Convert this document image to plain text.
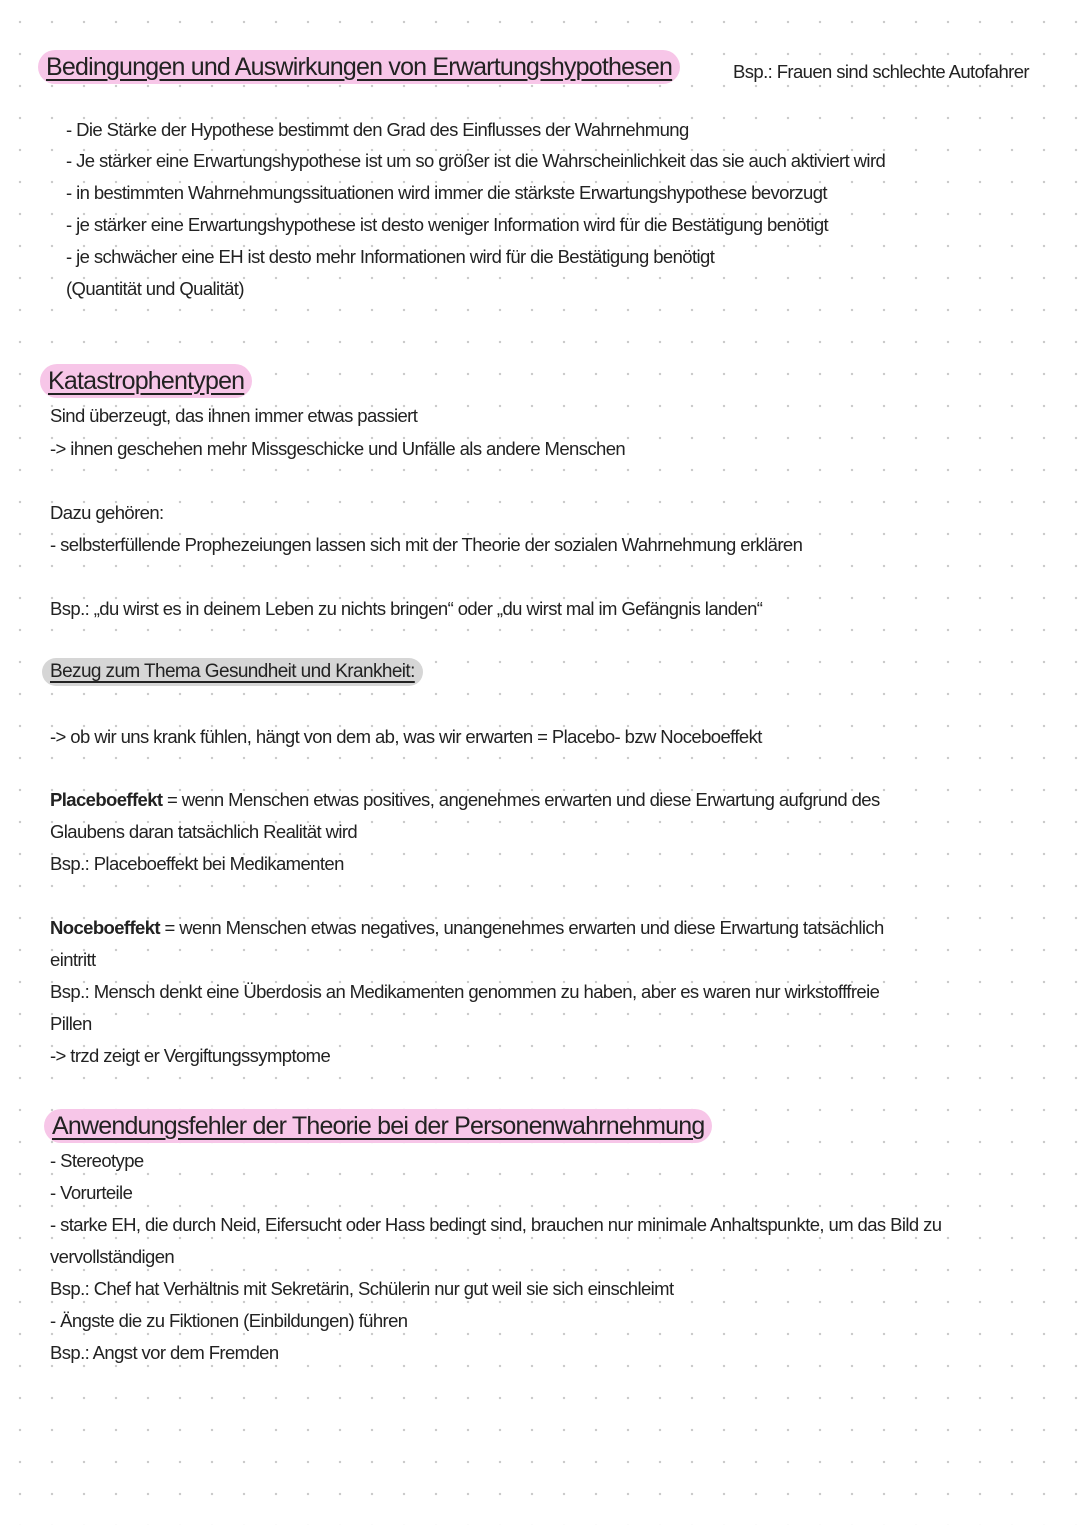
Bedingungen und Auswirkungen von Erwartungshypothesen	Bsp.: Frauen sind schlechte Autofahrer
- Die Stärke der Hypothese bestimmt den Grad des Einflusses der Wahrnehmung
- Je stärker eine Erwartungshypothese ist um so größer ist die Wahrscheinlichkeit das sie auch aktiviert wird
- in bestimmten Wahrnehmungssituationen wird immer die stärkste Erwartungshypothese bevorzugt
- je stärker eine Erwartungshypothese ist desto weniger Information wird für die Bestätigung benötigt
- je schwächer eine EH ist desto mehr Informationen wird für die Bestätigung benötigt
(Quantität und Qualität)
Katastrophentypen
Sind überzeugt, das ihnen immer etwas passiert
-> ihnen geschehen mehr Missgeschicke und Unfälle als andere Menschen
Dazu gehören:
- selbsterfüllende Prophezeiungen lassen sich mit der Theorie der sozialen Wahrnehmung erklären
Bsp.: „du wirst es in deinem Leben zu nichts bringen“ oder „du wirst mal im Gefängnis landen“
Bezug zum Thema Gesundheit und Krankheit:
-> ob wir uns krank fühlen, hängt von dem ab, was wir erwarten = Placebo- bzw Noceboeffekt
Placeboeffekt = wenn Menschen etwas positives, angenehmes erwarten und diese Erwartung aufgrund des
Glaubens daran tatsächlich Realität wird
Bsp.: Placeboeffekt bei Medikamenten
Noceboeffekt = wenn Menschen etwas negatives, unangenehmes erwarten und diese Erwartung tatsächlich
eintritt
Bsp.: Mensch denkt eine Überdosis an Medikamenten genommen zu haben, aber es waren nur wirkstofffreie
Pillen
-> trzd zeigt er Vergiftungssymptome
Anwendungsfehler der Theorie bei der Personenwahrnehmung
- Stereotype
- Vorurteile
- starke EH, die durch Neid, Eifersucht oder Hass bedingt sind, brauchen nur minimale Anhaltspunkte, um das Bild zu
vervollständigen
Bsp.: Chef hat Verhältnis mit Sekretärin, Schülerin nur gut weil sie sich einschleimt
- Ängste die zu Fiktionen (Einbildungen) führen
Bsp.: Angst vor dem Fremden
